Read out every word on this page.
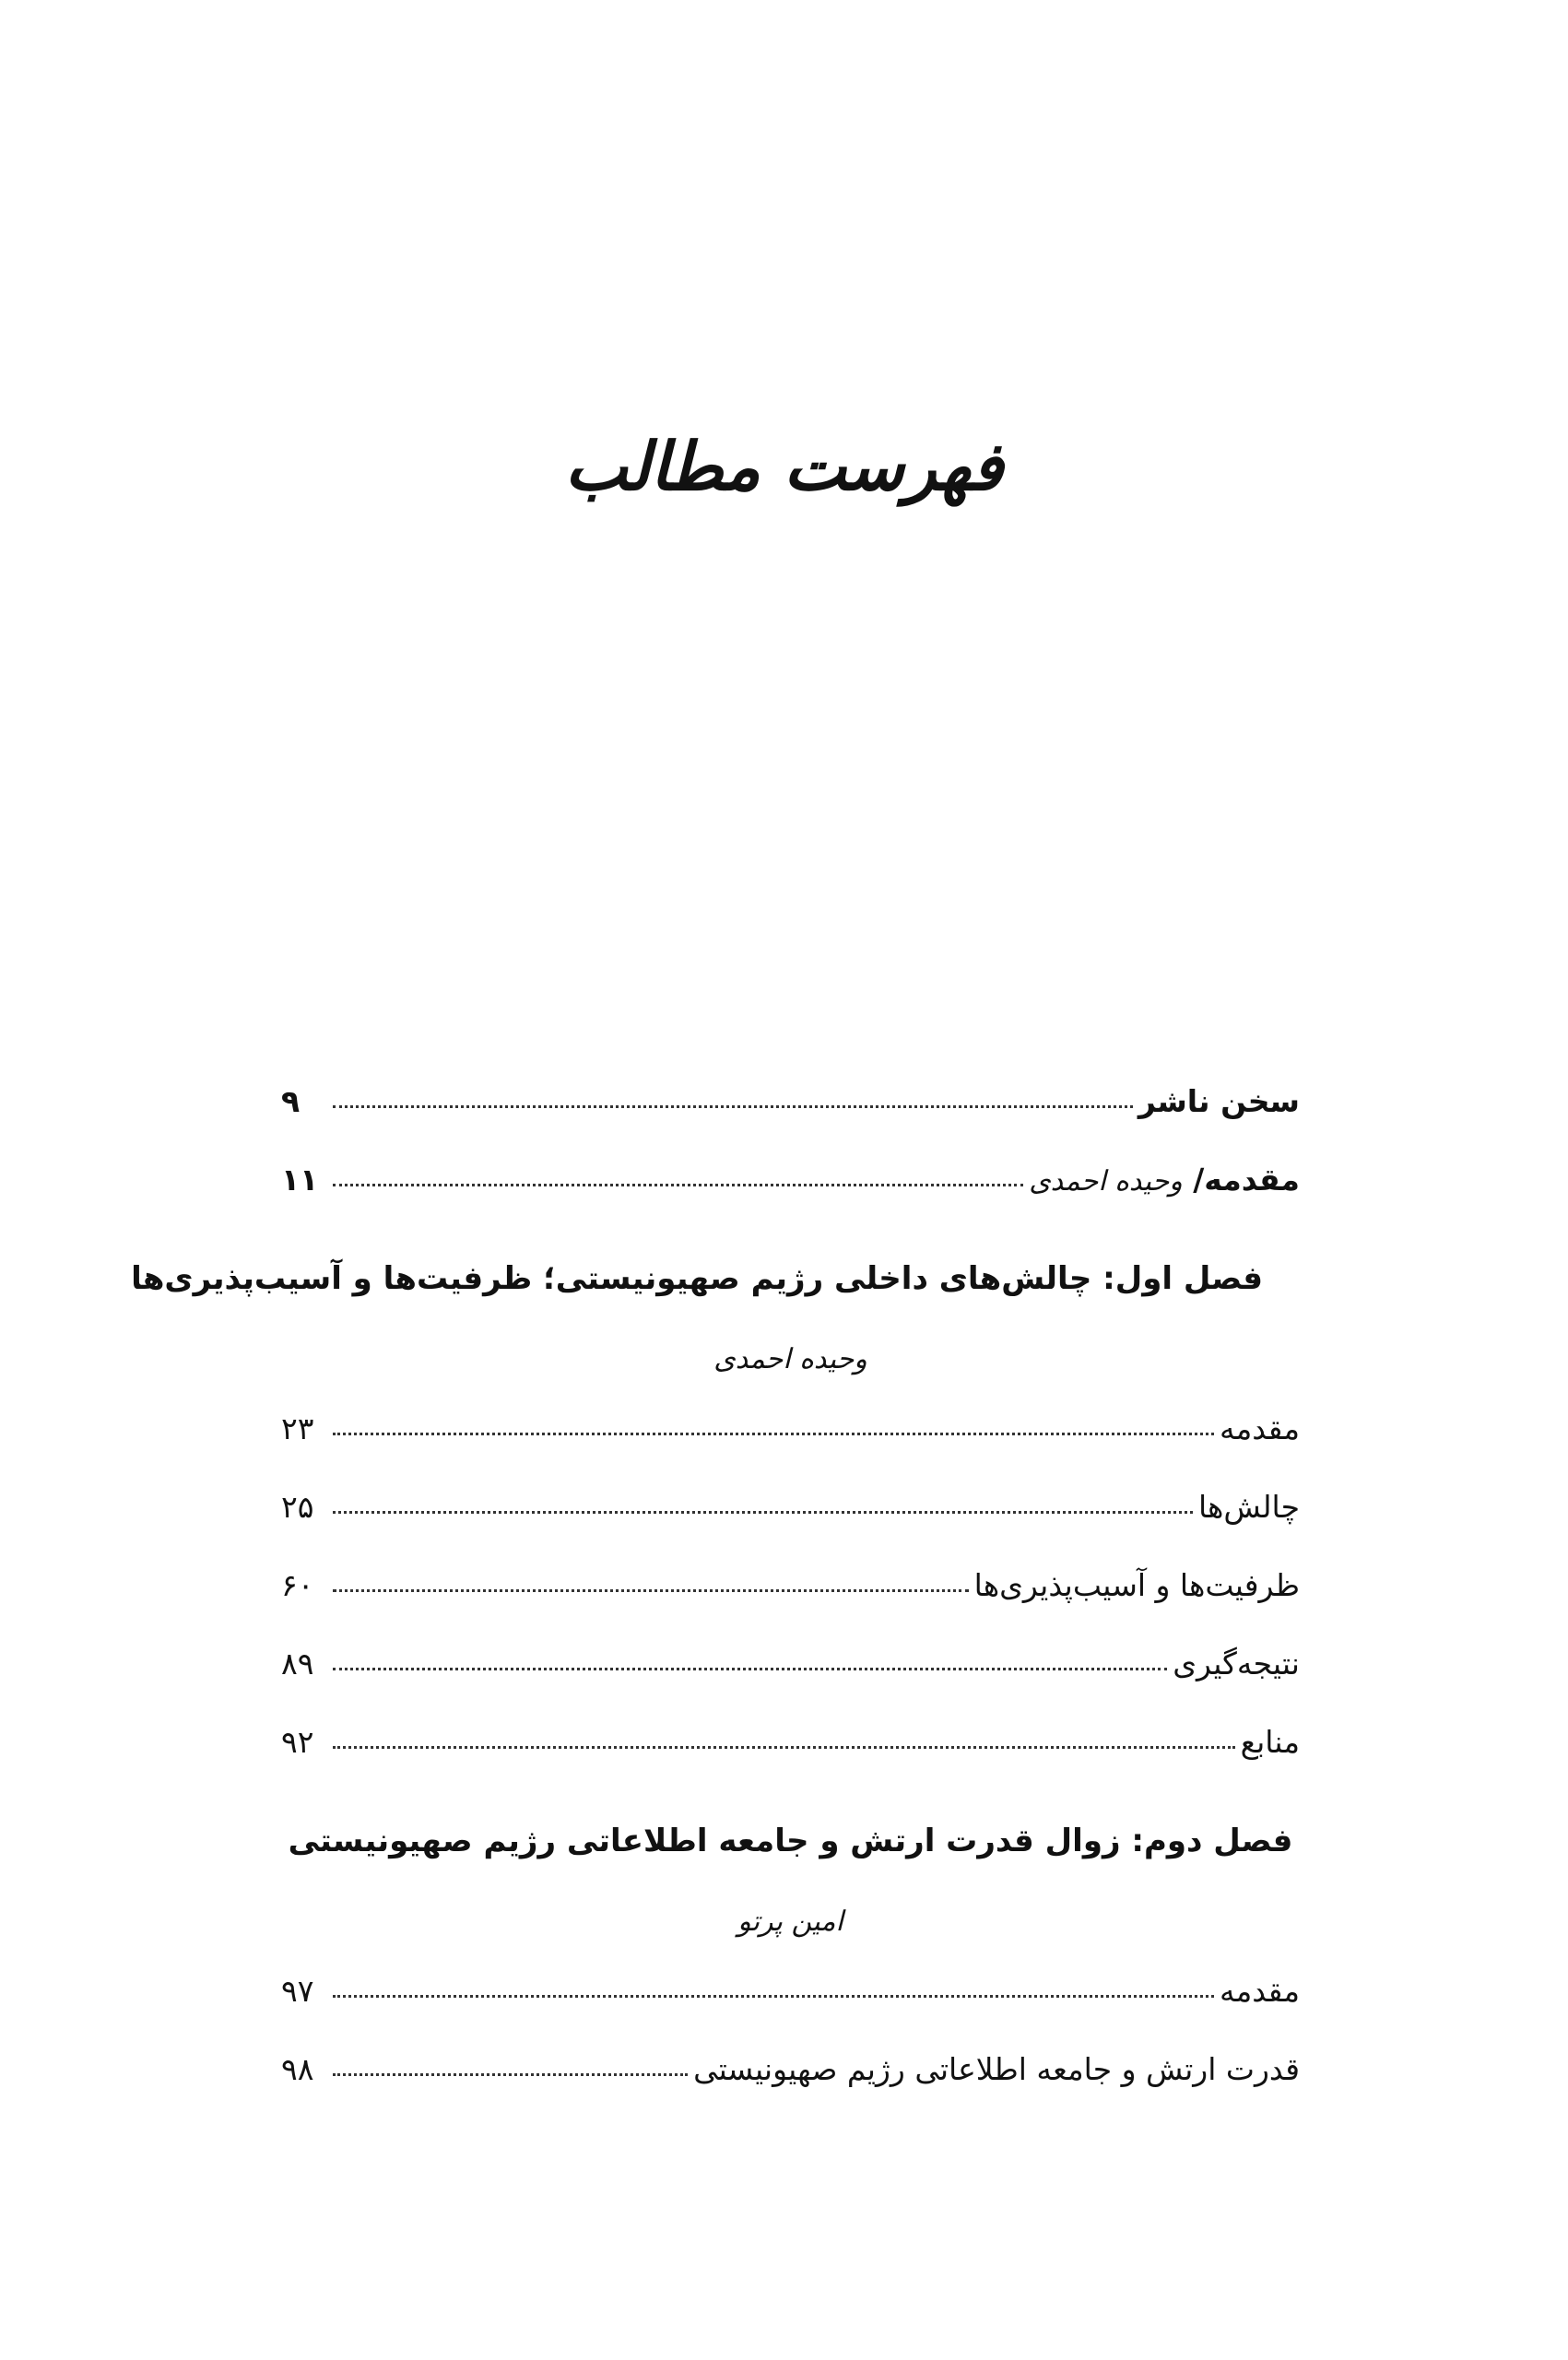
فهرست مطالب
سخن ناشر
۹
مقدمه/ وحیده احمدی
۱۱
فصل اول: چالش‌های داخلی رژیم صهیونیستی؛ ظرفیت‌ها و آسیب‌پذیری‌ها
وحیده احمدی
مقدمه
۲۳
چالش‌ها
۲۵
ظرفیت‌ها و آسیب‌پذیری‌ها
۶۰
نتیجه‌گیری
۸۹
منابع
۹۲
فصل دوم: زوال قدرت ارتش و جامعه اطلاعاتی رژیم صهیونیستی
امین پرتو
مقدمه
۹۷
قدرت ارتش و جامعه اطلاعاتی رژیم صهیونیستی
۹۸
